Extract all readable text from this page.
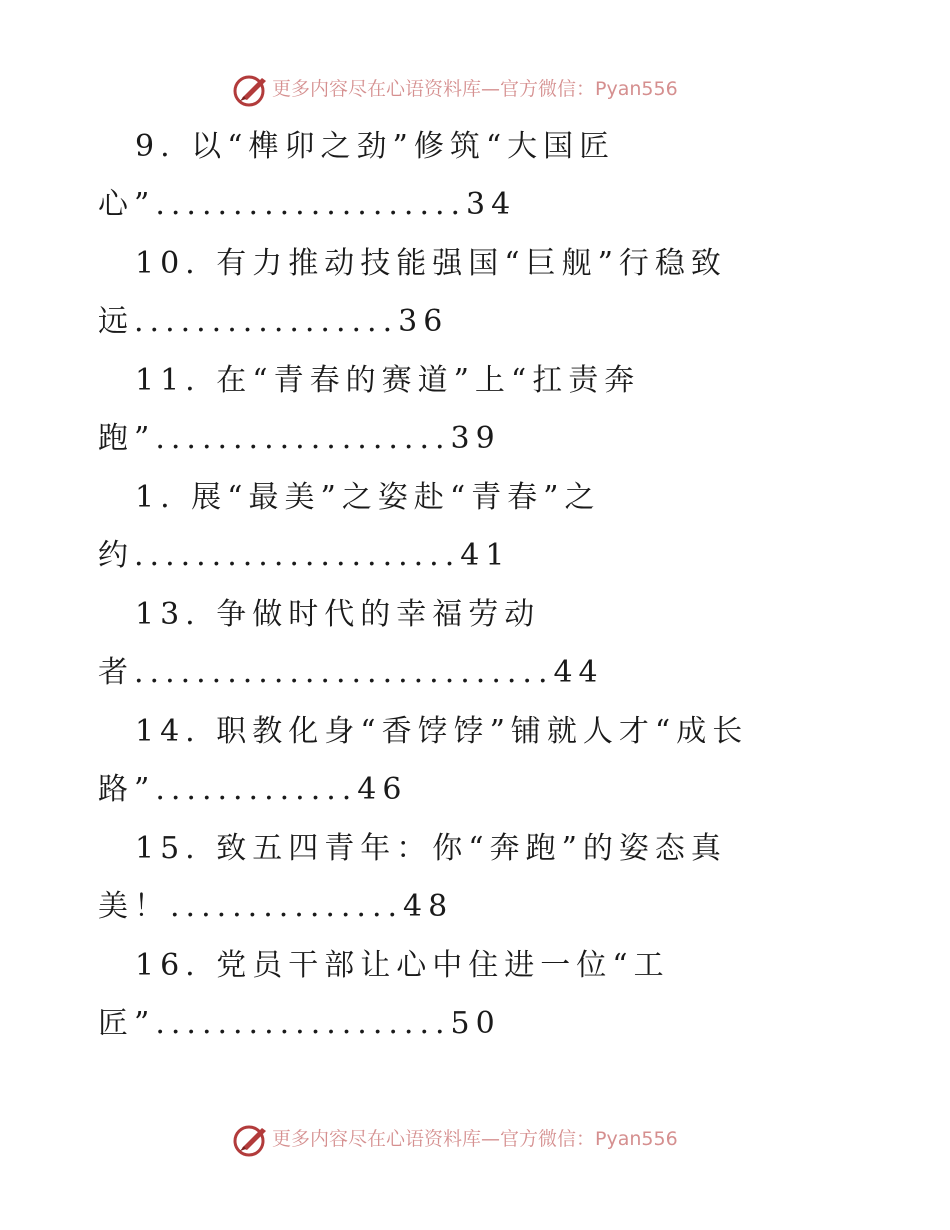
更多内容尽在心语资料库—官方微信：Pyan556
9. 以“榫卯之劲”修筑“大国匠
心”....................34
10. 有力推动技能强国“巨舰”行稳致
远.................36
11. 在“青春的赛道”上“扛责奔
跑”...................39
1. 展“最美”之姿赴“青春”之
约.....................41
13. 争做时代的幸福劳动
者...........................44
14. 职教化身“香饽饽”铺就人才“成长
路”.............46
15. 致五四青年：你“奔跑”的姿态真
美！...............48
16. 党员干部让心中住进一位“工
匠”...................50
更多内容尽在心语资料库—官方微信：Pyan556
